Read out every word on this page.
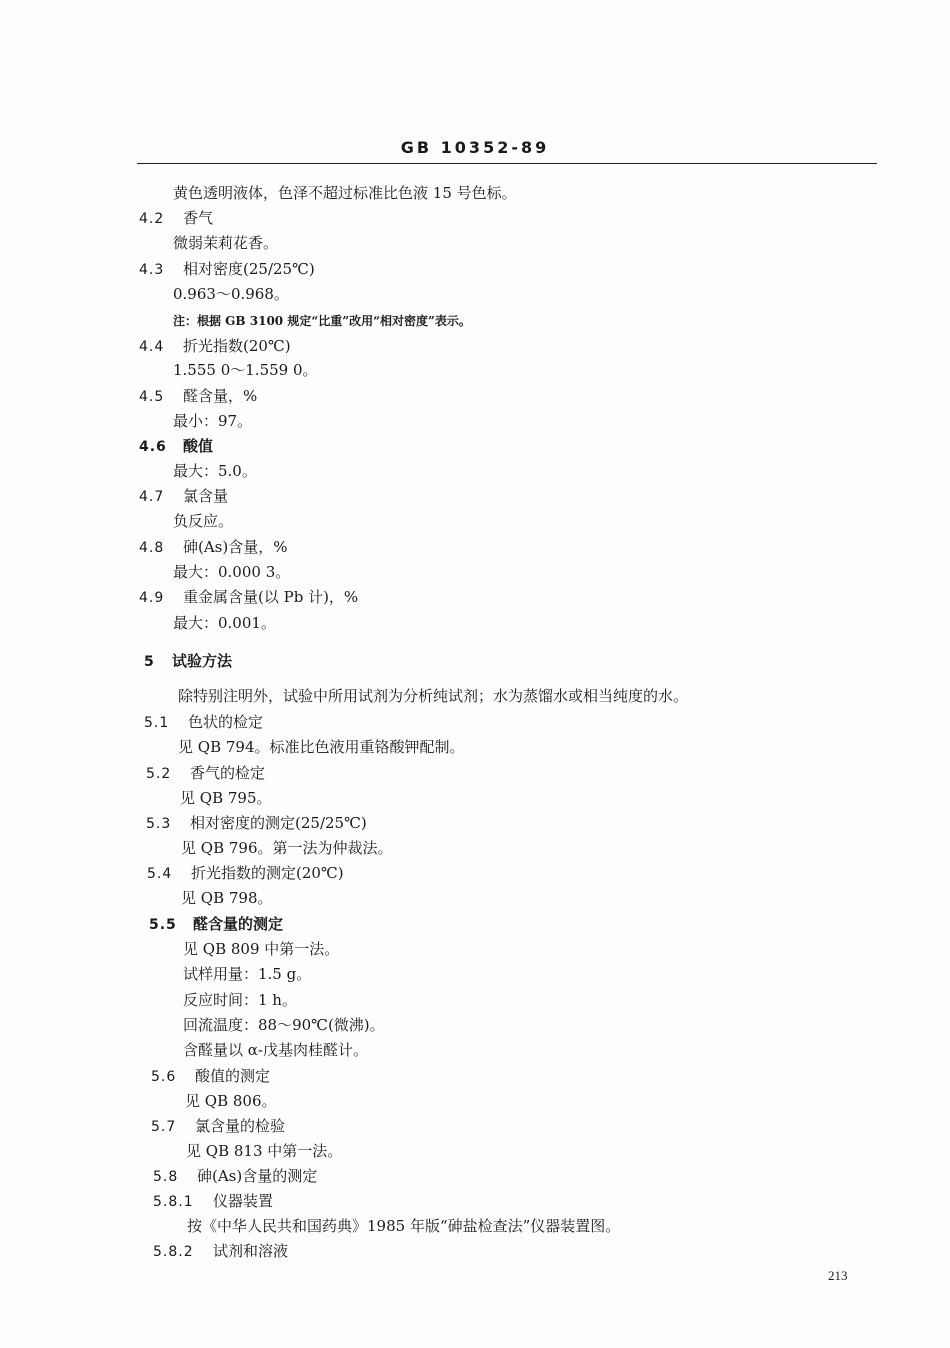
GB 10352-89
黄色透明液体，色泽不超过标准比色液 15 号色标。
4.2 香气
微弱茉莉花香。
4.3 相对密度(25/25℃)
0.963～0.968。
注：根据 GB 3100 规定“比重”改用“相对密度”表示。
4.4 折光指数(20℃)
1.555 0～1.559 0。
4.5 醛含量，%
最小：97。
4.6 酸值
最大：5.0。
4.7 氯含量
负反应。
4.8 砷(As)含量，%
最大：0.000 3。
4.9 重金属含量(以 Pb 计)，%
最大：0.001。
5 试验方法
除特别注明外，试验中所用试剂为分析纯试剂；水为蒸馏水或相当纯度的水。
5.1 色状的检定
见 QB 794。标准比色液用重铬酸钾配制。
5.2 香气的检定
见 QB 795。
5.3 相对密度的测定(25/25℃)
见 QB 796。第一法为仲裁法。
5.4 折光指数的测定(20℃)
见 QB 798。
5.5 醛含量的测定
见 QB 809 中第一法。
试样用量：1.5 g。
反应时间：1 h。
回流温度：88～90℃(微沸)。
含醛量以 α-戊基肉桂醛计。
5.6 酸值的测定
见 QB 806。
5.7 氯含量的检验
见 QB 813 中第一法。
5.8 砷(As)含量的测定
5.8.1 仪器装置
按《中华人民共和国药典》1985 年版“砷盐检查法”仪器装置图。
5.8.2 试剂和溶液
213
